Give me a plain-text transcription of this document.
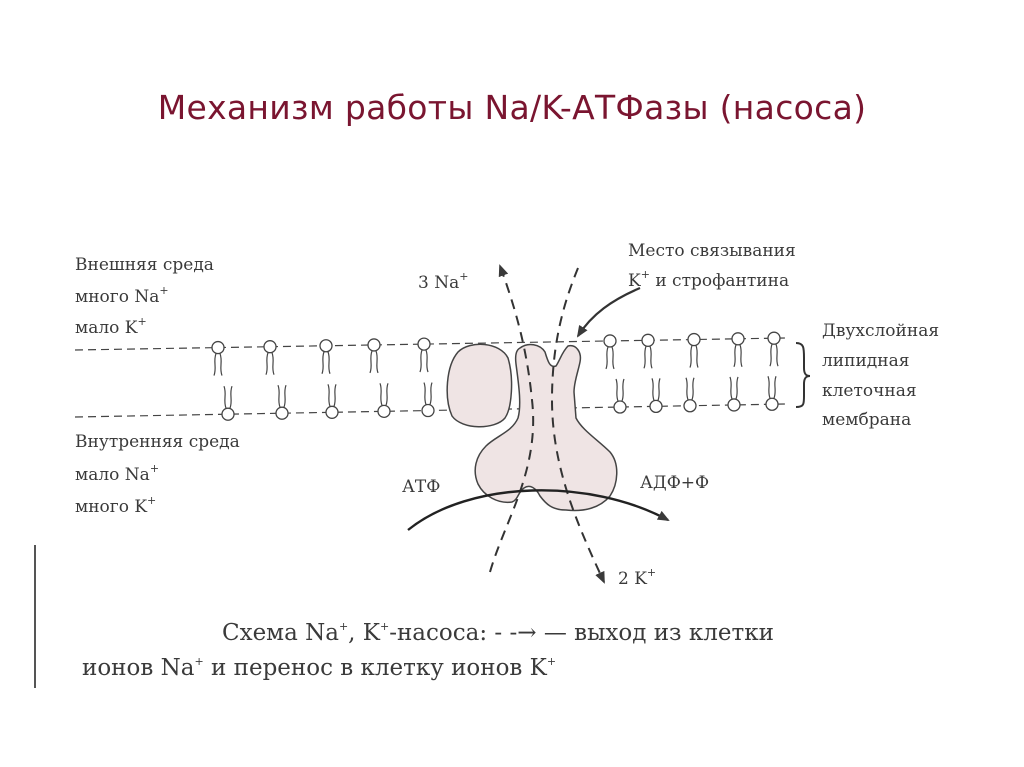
Механизм работы Na/K-АТФазы (насоса)
Внешняя среда
много Na+
мало K+
Внутренняя среда
мало Na+
много K+
3 Na+
2 K+
Место связывания
K+ и строфантина
Двухслойная
липидная
клеточная
мембрана
АТФ	АДФ+Ф
Схема Na+, K+-насоса: - -→ — выход из клетки
ионов Na+ и перенос в клетку ионов K+
